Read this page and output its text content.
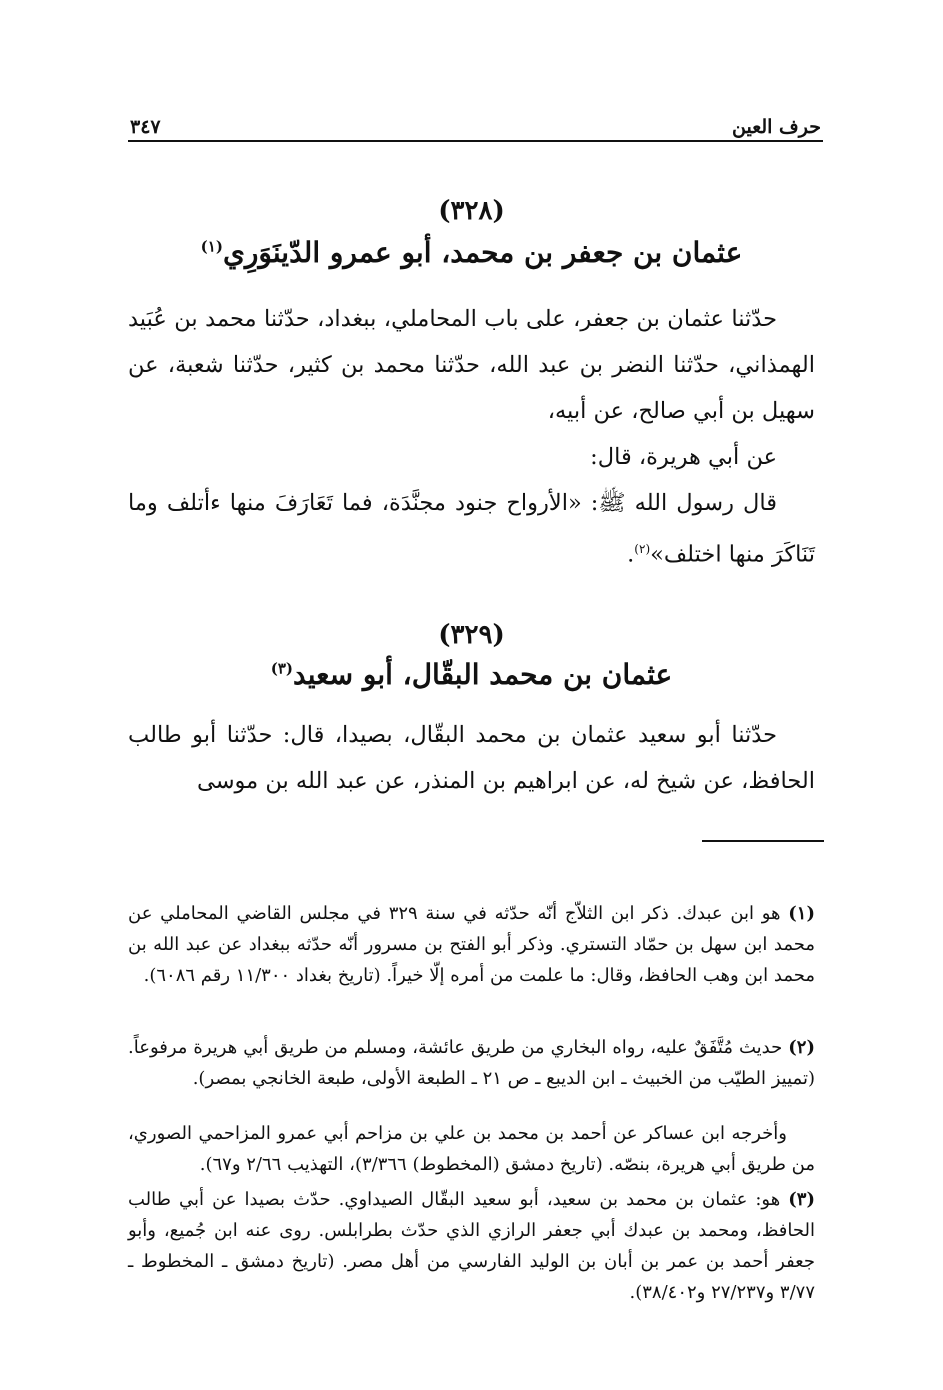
حرف العين
٣٤٧
(٣٢٨)
عثمان بن جعفر بن محمد، أبو عمرو الدّينَوَرِي$^{(١)}$
حدّثنا عثمان بن جعفر، على باب المحاملي، ببغداد، حدّثنا محمد بن عُبَيد الهمذاني، حدّثنا النضر بن عبد الله، حدّثنا محمد بن كثير، حدّثنا شعبة، عن سهيل بن أبي صالح، عن أبيه،
عن أبي هريرة، قال:
قال رسول الله ﷺ: «الأرواح جنود مجنَّدَة، فما تَعَارَفَ منها ءأتلف وما تَنَاكَرَ منها اختلف»$^{(٢)}$.
(٣٢٩)
عثمان بن محمد البقّال، أبو سعيد$^{(٣)}$
حدّثنا أبو سعيد عثمان بن محمد البقّال، بصيدا، قال: حدّثنا أبو طالب الحافظ، عن شيخ له، عن ابراهيم بن المنذر، عن عبد الله بن موسى
(١) هو ابن عبدك. ذكر ابن الثلاّج أنّه حدّثه في سنة ٣٢٩ في مجلس القاضي المحاملي عن محمد ابن سهل بن حمّاد التستري. وذكر أبو الفتح بن مسرور أنّه حدّثه ببغداد عن عبد الله بن محمد ابن وهب الحافظ، وقال: ما علمت من أمره إلّا خيراً. (تاريخ بغداد ١١/٣٠٠ رقم ٦٠٨٦).
(٢) حديث مُتَّفَقٌ عليه، رواه البخاري من طريق عائشة، ومسلم من طريق أبي هريرة مرفوعاً. (تمييز الطيّب من الخبيث ـ ابن الديبع ـ ص ٢١ ـ الطبعة الأولى، طبعة الخانجي بمصر).
وأخرجه ابن عساكر عن أحمد بن محمد بن علي بن مزاحم أبي عمرو المزاحمي الصوري، من طريق أبي هريرة، بنصّه. (تاريخ دمشق (المخطوط) ٣/٣٦٦)، التهذيب ٢/٦٦ و٦٧).
(٣) هو: عثمان بن محمد بن سعيد، أبو سعيد البقّال الصيداوي. حدّث بصيدا عن أبي طالب الحافظ، ومحمد بن عبدك أبي جعفر الرازي الذي حدّث بطرابلس. روى عنه ابن جُميع، وأبو جعفر أحمد بن عمر بن أبان بن الوليد الفارسي من أهل مصر. (تاريخ دمشق ـ المخطوط ـ ٣/٧٧ و٢٧/٢٣٧ و٣٨/٤٠٢).
